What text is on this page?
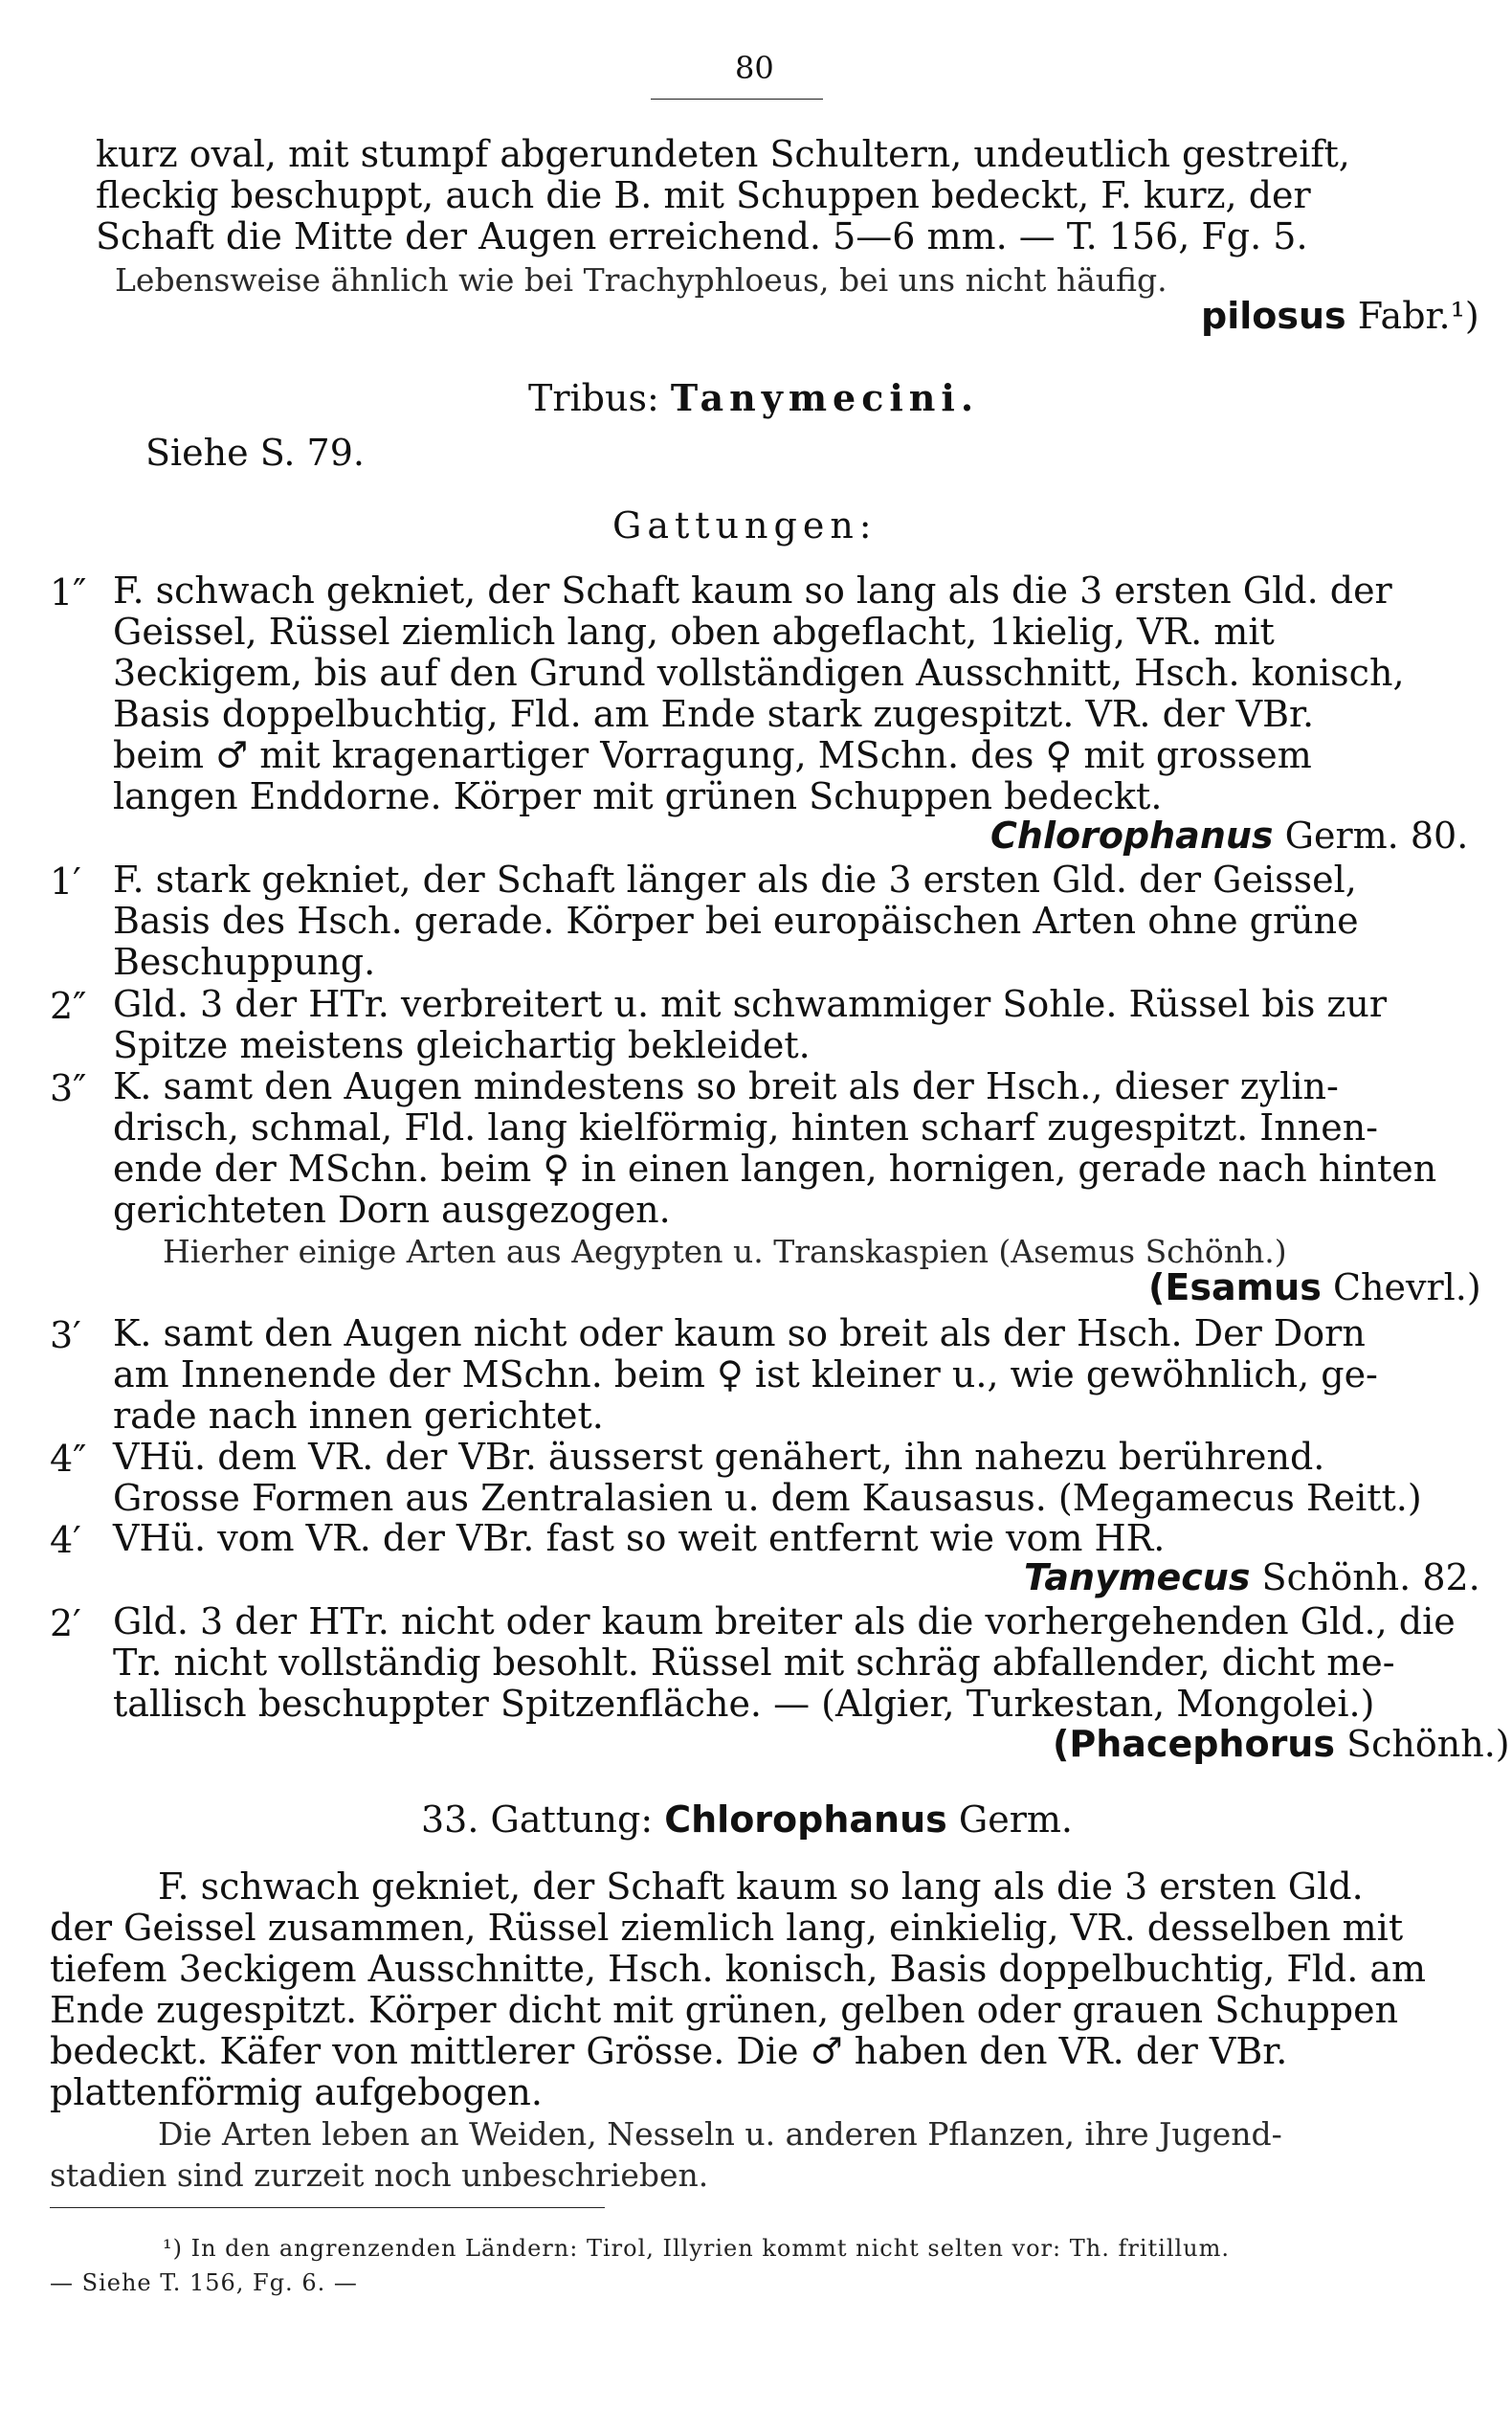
80
kurz oval, mit stumpf abgerundeten Schultern, undeutlich gestreift,
fleckig beschuppt, auch die B. mit Schuppen bedeckt, F. kurz, der
Schaft die Mitte der Augen erreichend. 5—6 mm. — T. 156, Fg. 5.
Lebensweise ähnlich wie bei Trachyphloeus, bei uns nicht häufig.
pilosus Fabr.¹)
Tribus: Tanymecini.
Siehe S. 79.
Gattungen:
1″ F. schwach gekniet, der Schaft kaum so lang als die 3 ersten Gld. der
Geissel, Rüssel ziemlich lang, oben abgeflacht, 1kielig, VR. mit
3eckigem, bis auf den Grund vollständigen Ausschnitt, Hsch. konisch,
Basis doppelbuchtig, Fld. am Ende stark zugespitzt. VR. der VBr.
beim ♂ mit kragenartiger Vorragung, MSchn. des ♀ mit grossem
langen Enddorne. Körper mit grünen Schuppen bedeckt.
Chlorophanus Germ. 80.
1′ F. stark gekniet, der Schaft länger als die 3 ersten Gld. der Geissel,
Basis des Hsch. gerade. Körper bei europäischen Arten ohne grüne
Beschuppung.
2″ Gld. 3 der HTr. verbreitert u. mit schwammiger Sohle. Rüssel bis zur
Spitze meistens gleichartig bekleidet.
3″ K. samt den Augen mindestens so breit als der Hsch., dieser zylin-
drisch, schmal, Fld. lang kielförmig, hinten scharf zugespitzt. Innen-
ende der MSchn. beim ♀ in einen langen, hornigen, gerade nach hinten
gerichteten Dorn ausgezogen.
Hierher einige Arten aus Aegypten u. Transkaspien (Asemus Schönh.)
(Esamus Chevrl.)
3′ K. samt den Augen nicht oder kaum so breit als der Hsch. Der Dorn
am Innenende der MSchn. beim ♀ ist kleiner u., wie gewöhnlich, ge-
rade nach innen gerichtet.
4″ VHü. dem VR. der VBr. äusserst genähert, ihn nahezu berührend.
Grosse Formen aus Zentralasien u. dem Kausasus. (Megamecus Reitt.)
4′ VHü. vom VR. der VBr. fast so weit entfernt wie vom HR.
Tanymecus Schönh. 82.
2′ Gld. 3 der HTr. nicht oder kaum breiter als die vorhergehenden Gld., die
Tr. nicht vollständig besohlt. Rüssel mit schräg abfallender, dicht me-
tallisch beschuppter Spitzenfläche. — (Algier, Turkestan, Mongolei.)
(Phacephorus Schönh.)
33. Gattung: Chlorophanus Germ.
F. schwach gekniet, der Schaft kaum so lang als die 3 ersten Gld.
der Geissel zusammen, Rüssel ziemlich lang, einkielig, VR. desselben mit
tiefem 3eckigem Ausschnitte, Hsch. konisch, Basis doppelbuchtig, Fld. am
Ende zugespitzt. Körper dicht mit grünen, gelben oder grauen Schuppen
bedeckt. Käfer von mittlerer Grösse. Die ♂ haben den VR. der VBr.
plattenförmig aufgebogen.
Die Arten leben an Weiden, Nesseln u. anderen Pflanzen, ihre Jugend-
stadien sind zurzeit noch unbeschrieben.
¹) In den angrenzenden Ländern: Tirol, Illyrien kommt nicht selten vor: Th. fritillum.
— Siehe T. 156, Fg. 6. —
